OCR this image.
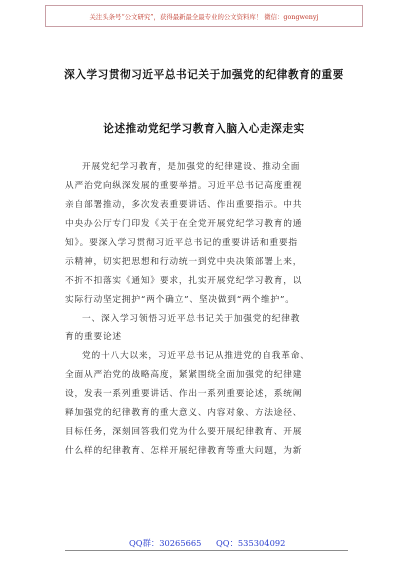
关注头条号“公文研究”，获得最新最全最专业的公文资料库！ 微信：gongwenyj
深入学习贯彻习近平总书记关于加强党的纪律教育的重要
论述推动党纪学习教育入脑入心走深走实
开展党纪学习教育，是加强党的纪律建设、推动全面
从严治党向纵深发展的重要举措。习近平总书记高度重视
亲自部署推动，多次发表重要讲话、作出重要指示。中共
中央办公厅专门印发《关于在全党开展党纪学习教育的通
知》。要深入学习贯彻习近平总书记的重要讲话和重要指
示精神，切实把思想和行动统一到党中央决策部署上来，
不折不扣落实《通知》要求，扎实开展党纪学习教育，以
实际行动坚定拥护“两个确立”、坚决做到“两个维护”。
一、深入学习领悟习近平总书记关于加强党的纪律教
育的重要论述
党的十八大以来，习近平总书记从推进党的自我革命、
全面从严治党的战略高度，紧紧围绕全面加强党的纪律建
设，发表一系列重要讲话、作出一系列重要论述，系统阐
释加强党的纪律教育的重大意义、内容对象、方法途径、
目标任务，深刻回答我们党为什么要开展纪律教育、开展
什么样的纪律教育、怎样开展纪律教育等重大问题，为新
QQ群：30265665 QQ：535304092
